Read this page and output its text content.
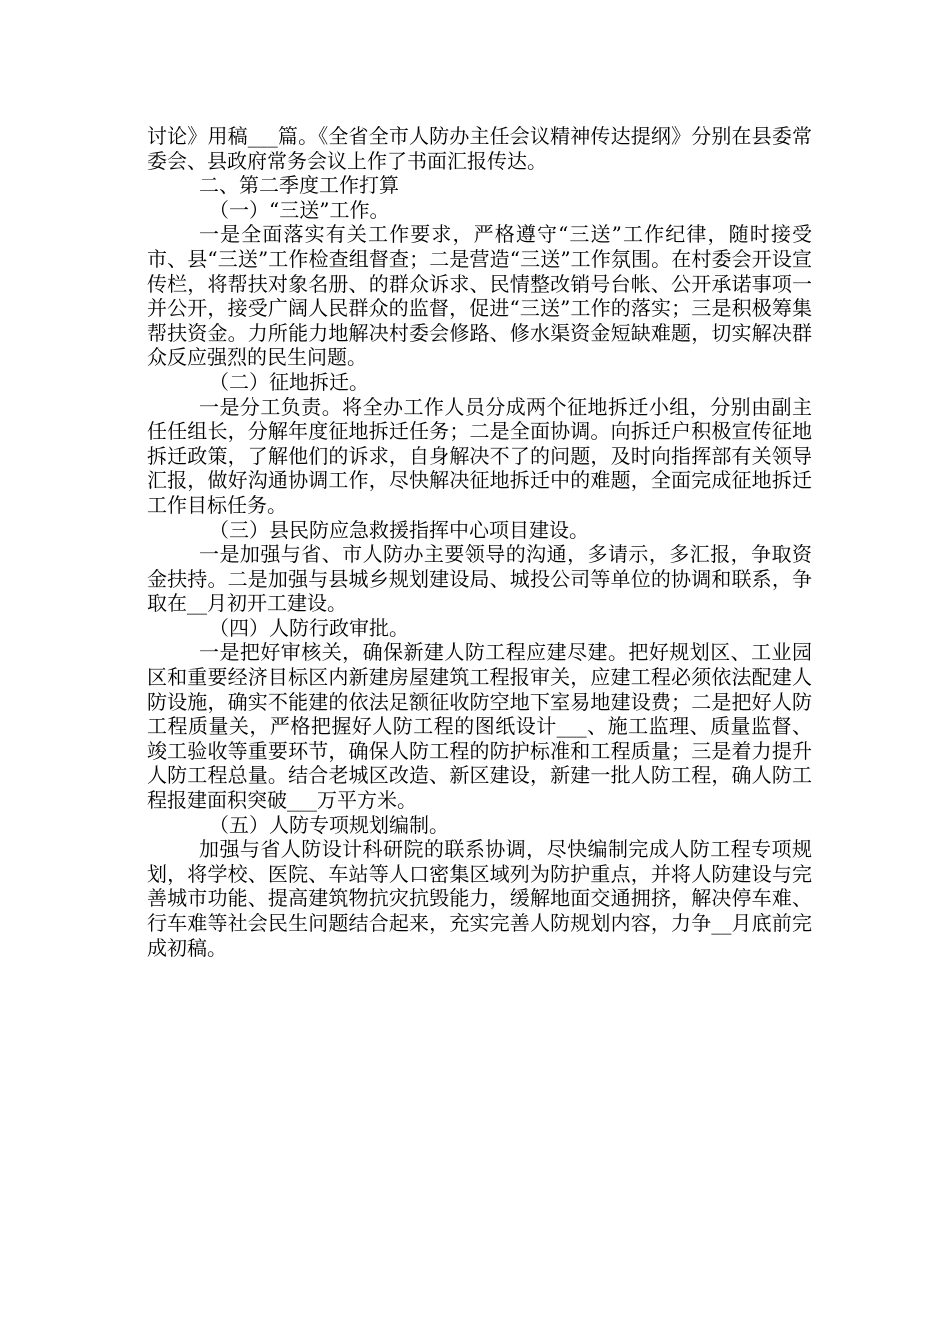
讨论》用稿___篇。《全省全市人防办主任会议精神传达提纲》分别在县委常委会、县政府常务会议上作了书面汇报传达。

二、第二季度工作打算

（一）“三送”工作。

一是全面落实有关工作要求，严格遵守“三送”工作纪律，随时接受市、县“三送”工作检查组督查；二是营造“三送”工作氛围。在村委会开设宣传栏，将帮扶对象名册、的群众诉求、民情整改销号台帐、公开承诺事项一并公开，接受广阔人民群众的监督，促进“三送”工作的落实；三是积极筹集帮扶资金。力所能力地解决村委会修路、修水渠资金短缺难题，切实解决群众反应强烈的民生问题。

（二）征地拆迁。

一是分工负责。将全办工作人员分成两个征地拆迁小组，分别由副主任任组长，分解年度征地拆迁任务；二是全面协调。向拆迁户积极宣传征地拆迁政策，了解他们的诉求，自身解决不了的问题，及时向指挥部有关领导汇报，做好沟通协调工作，尽快解决征地拆迁中的难题，全面完成征地拆迁工作目标任务。

（三）县民防应急救援指挥中心项目建设。

一是加强与省、市人防办主要领导的沟通，多请示，多汇报，争取资金扶持。二是加强与县城乡规划建设局、城投公司等单位的协调和联系，争取在__月初开工建设。

（四）人防行政审批。

一是把好审核关，确保新建人防工程应建尽建。把好规划区、工业园区和重要经济目标区内新建房屋建筑工程报审关，应建工程必须依法配建人防设施，确实不能建的依法足额征收防空地下室易地建设费；二是把好人防工程质量关，严格把握好人防工程的图纸设计___、施工监理、质量监督、竣工验收等重要环节，确保人防工程的防护标准和工程质量；三是着力提升人防工程总量。结合老城区改造、新区建设，新建一批人防工程，确人防工程报建面积突破___万平方米。

（五）人防专项规划编制。

加强与省人防设计科研院的联系协调，尽快编制完成人防工程专项规划，将学校、医院、车站等人口密集区域列为防护重点，并将人防建设与完善城市功能、提高建筑物抗灾抗毁能力，缓解地面交通拥挤，解决停车难、行车难等社会民生问题结合起来，充实完善人防规划内容，力争__月底前完成初稿。
